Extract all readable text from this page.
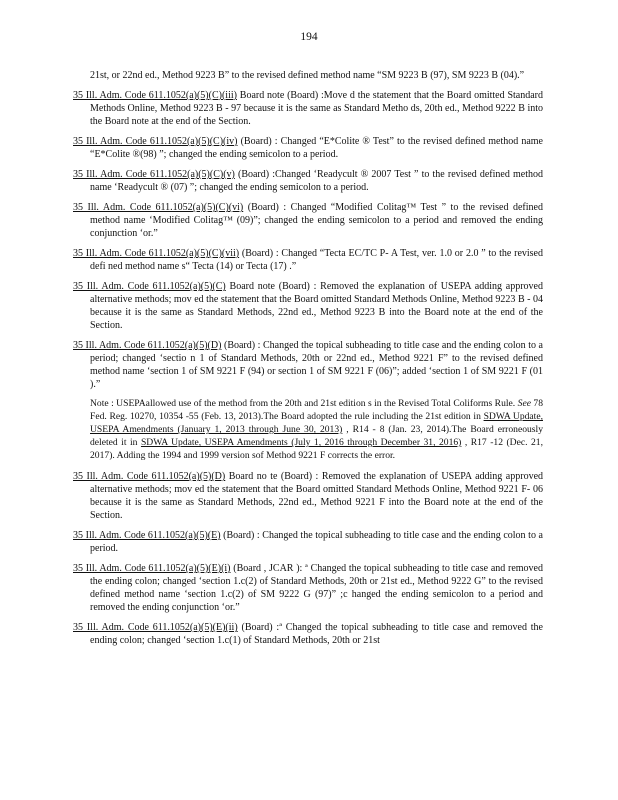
194

21st, or 22nd ed., Method 9223 B” to the revised defined method name “SM 9223 B (97), SM 9223 B (04).”

35 Ill. Adm. Code 611.1052(a)(5)(C)(iii) Board note (Board) :Move d the statement that the Board omitted Standard Methods Online, Method 9223 B - 97 because it is the same as Standard Metho ds, 20th ed., Method 9222 B into the Board note at the end of the Section.
35 Ill. Adm. Code 611.1052(a)(5)(C)(iv) (Board) : Changed “E*Colite ® Test” to the revised defined method name “E*Colite ®(98) ”; changed the ending semicolon to a period.
35 Ill. Adm. Code 611.1052(a)(5)(C)(v) (Board) :Changed ‘Readycult ® 2007 Test ” to the revised defined method name ‘Readycult ® (07) ”; changed the ending semicolon to a period.
35 Ill. Adm. Code 611.1052(a)(5)(C)(vi) (Board) : Changed “Modified Colitag™ Test ” to the revised defined method name ‘Modified Colitag™ (09)”; changed the ending semicolon to a period and removed the ending conjunction ‘or.”
35 Ill. Adm. Code 611.1052(a)(5)(C)(vii) (Board) : Changed “Tecta EC/TC P- A Test, ver. 1.0 or 2.0 ” to the revised defi ned method name s“ Tecta (14) or Tecta (17) .”
35 Ill. Adm. Code 611.1052(a)(5)(C) Board note (Board) : Removed the explanation of USEPA adding approved alternative methods; mov ed the statement that the Board omitted Standard Methods Online, Method 9223 B - 04 because it is the same as Standard Methods, 22nd ed., Method 9223 B into the Board note at the end of the Section.
35 Ill. Adm. Code 611.1052(a)(5)(D) (Board) : Changed the topical subheading to title case and the ending colon to a period; changed ‘sectio n 1 of Standard Methods, 20th or 22nd ed., Method 9221 F” to the revised defined method name ‘section 1 of SM 9221 F (94) or section 1 of SM 9221 F (06)”; added ‘section 1 of SM 9221 F (01 ).”
Note : USEPAallowed use of the method from the 20th and 21st edition s in the Revised Total Coliforms Rule. See 78 Fed. Reg. 10270, 10354 -55 (Feb. 13, 2013).The Board adopted the rule including the 21st edition in SDWA Update, USEPA Amendments (January 1, 2013 through June 30, 2013) , R14 - 8 (Jan. 23, 2014).The Board erroneously deleted it in SDWA Update, USEPA Amendments (July 1, 2016 through December 31, 2016) , R17 -12 (Dec. 21, 2017). Adding the 1994 and 1999 version sof Method 9221 F corrects the error.
35 Ill. Adm. Code 611.1052(a)(5)(D) Board no te (Board) : Removed the explanation of USEPA adding approved alternative methods; mov ed the statement that the Board omitted Standard Methods Online, Method 9221 F- 06 because it is the same as Standard Methods, 22nd ed., Method 9221 F into the Board note at the end of the Section.
35 Ill. Adm. Code 611.1052(a)(5)(E) (Board) : Changed the topical subheading to title case and the ending colon to a period.
35 Ill. Adm. Code 611.1052(a)(5)(E)(i) (Board , JCAR ): ª Changed the topical subheading to title case and removed the ending colon; changed ‘section 1.c(2) of Standard Methods, 20th or 21st ed., Method 9222 G” to the revised defined method name ‘section 1.c(2) of SM 9222 G (97)” ;c hanged the ending semicolon to a period and removed the ending conjunction ‘or.”
35 Ill. Adm. Code 611.1052(a)(5)(E)(ii) (Board) :ª Changed the topical subheading to title case and removed the ending colon; changed ‘section 1.c(1) of Standard Methods, 20th or 21st
